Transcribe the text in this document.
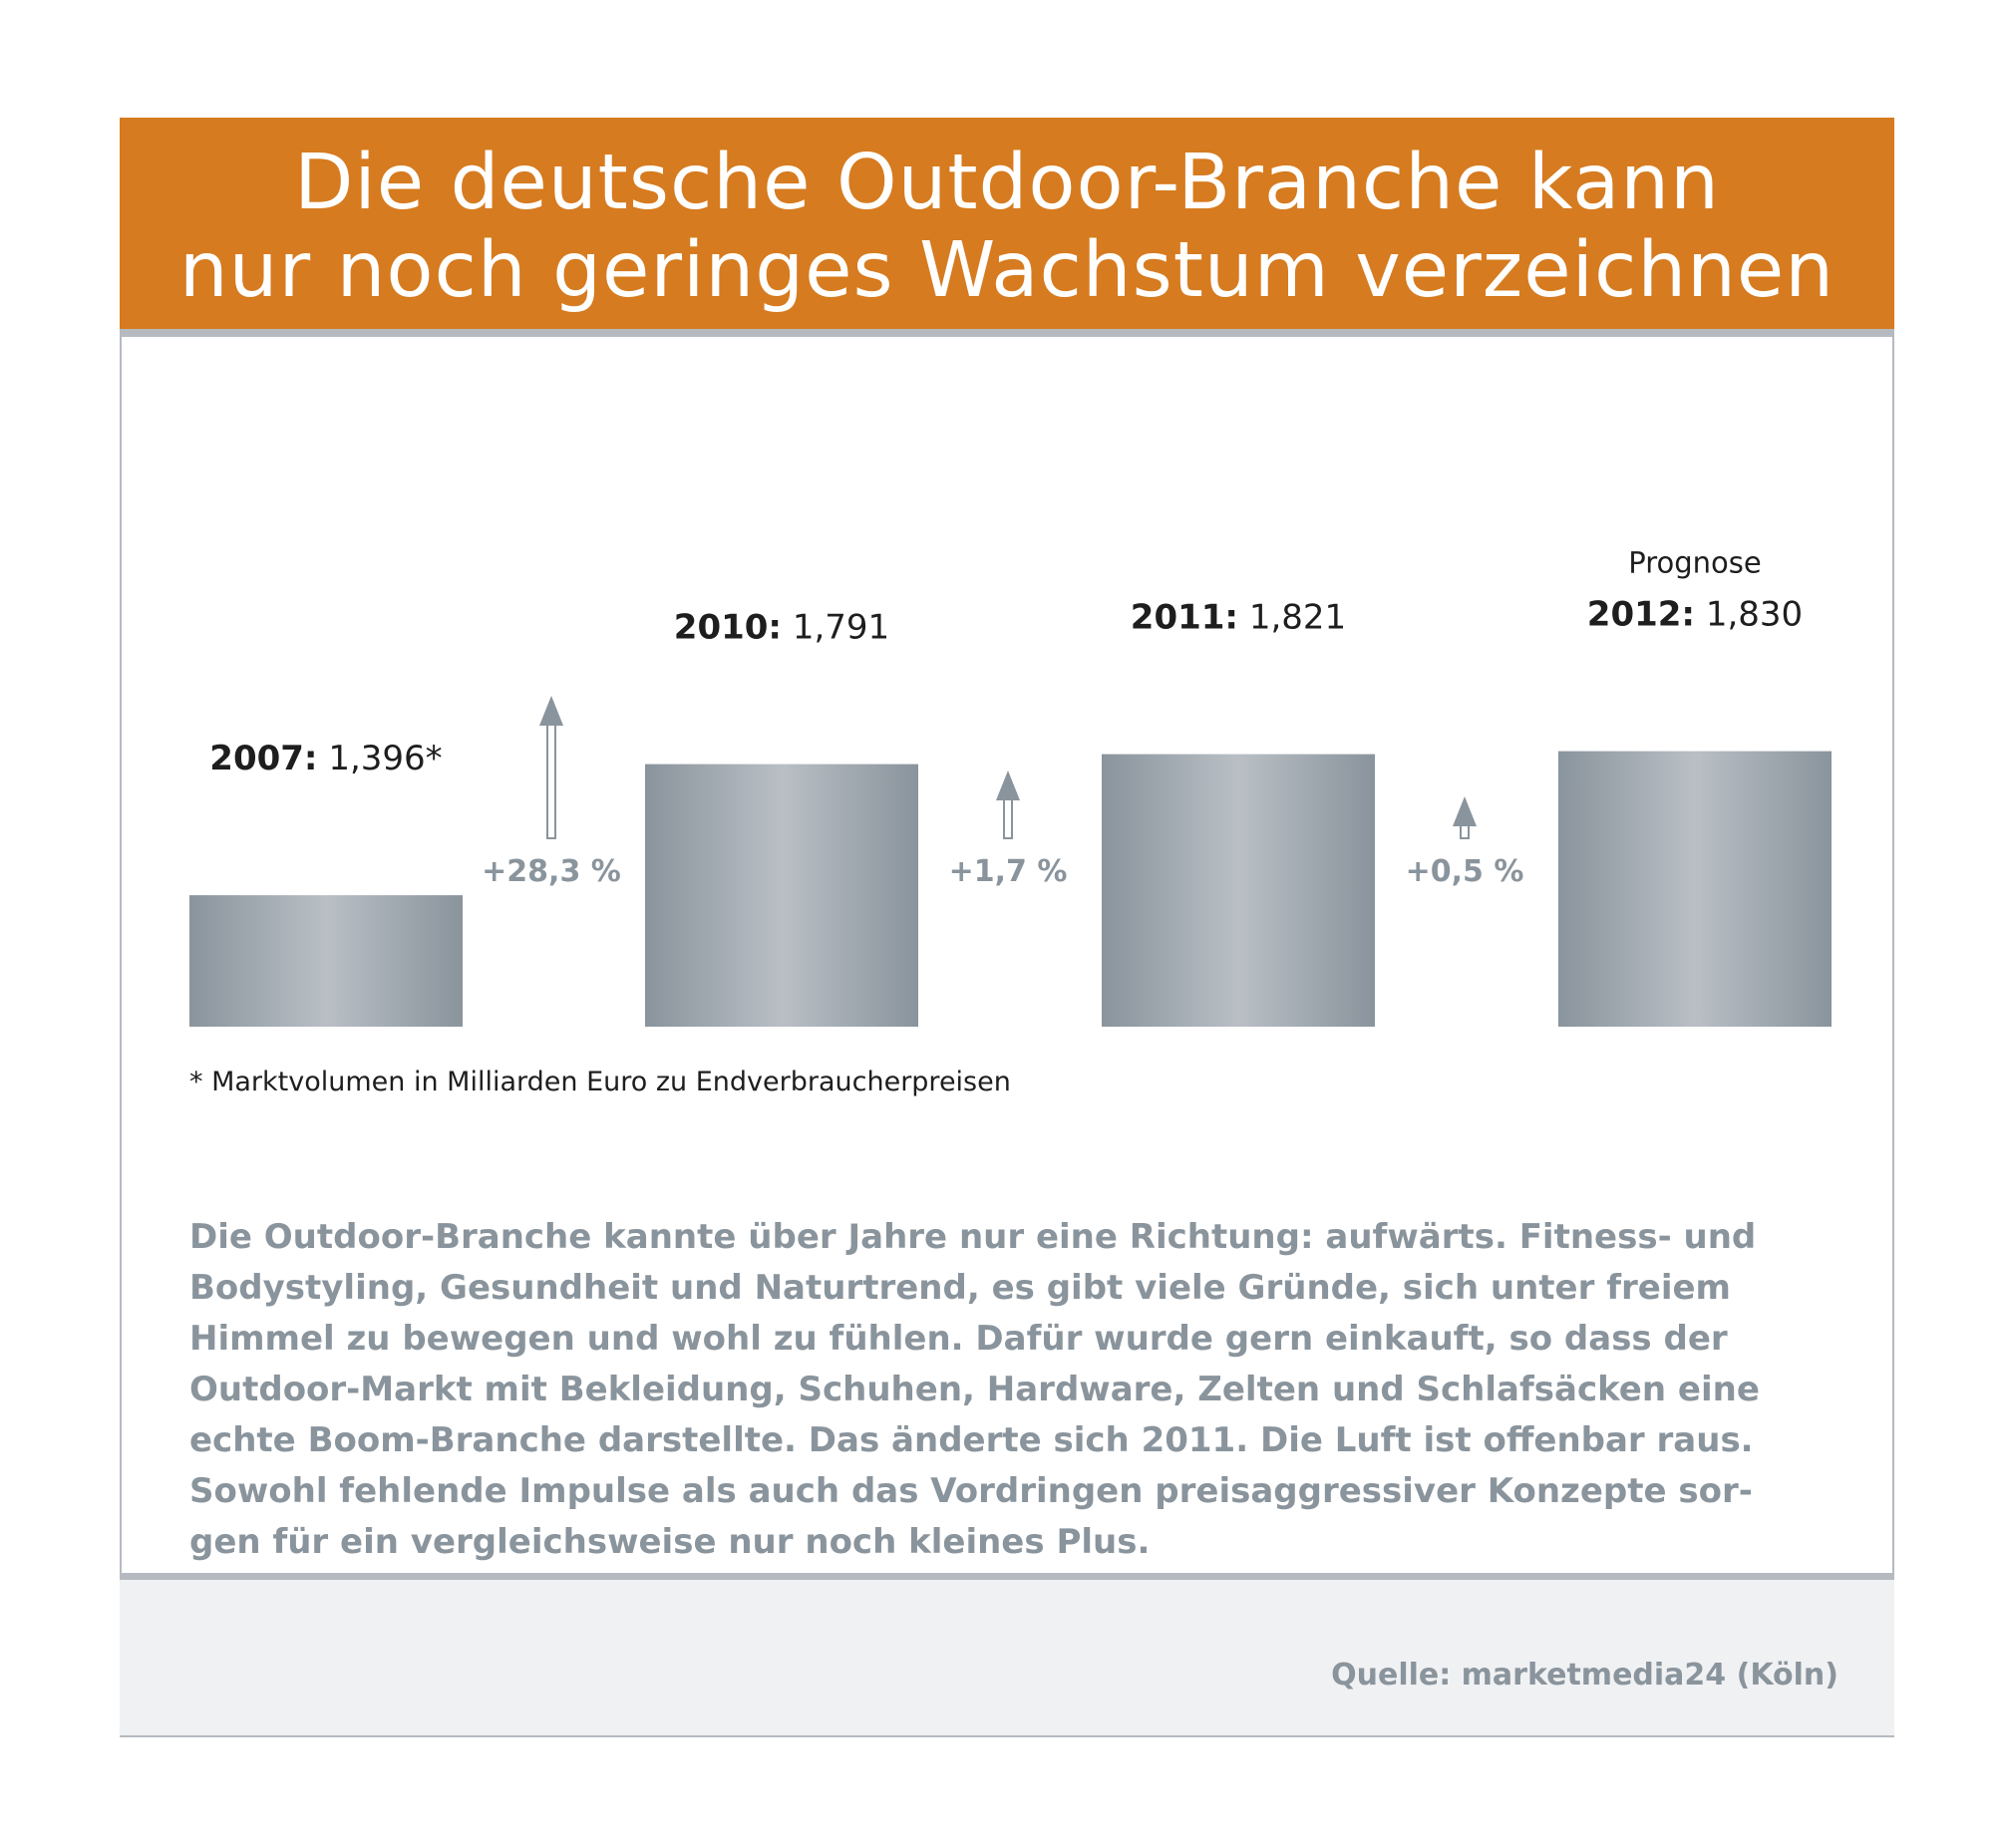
Die deutsche Outdoor-Branche kann
nur noch geringes Wachstum verzeichnen
2007: 1,396*
2010: 1,791	2011: 1,821	2012: 1,830
Prognose
+28,3 %	+1,7 %	+0,5 %
* Marktvolumen in Milliarden Euro zu Endverbraucherpreisen
Die Outdoor-Branche kannte über Jahre nur eine Richtung: aufwärts. Fitness- und
Bodystyling, Gesundheit und Naturtrend, es gibt viele Gründe, sich unter freiem
Himmel zu bewegen und wohl zu fühlen. Dafür wurde gern einkauft, so dass der
Outdoor-Markt mit Bekleidung, Schuhen, Hardware, Zelten und Schlafsäcken eine
echte Boom-Branche darstellte. Das änderte sich 2011. Die Luft ist offenbar raus.
Sowohl fehlende Impulse als auch das Vordringen preisaggressiver Konzepte sor-
gen für ein vergleichsweise nur noch kleines Plus.
Quelle: marketmedia24 (Köln)
